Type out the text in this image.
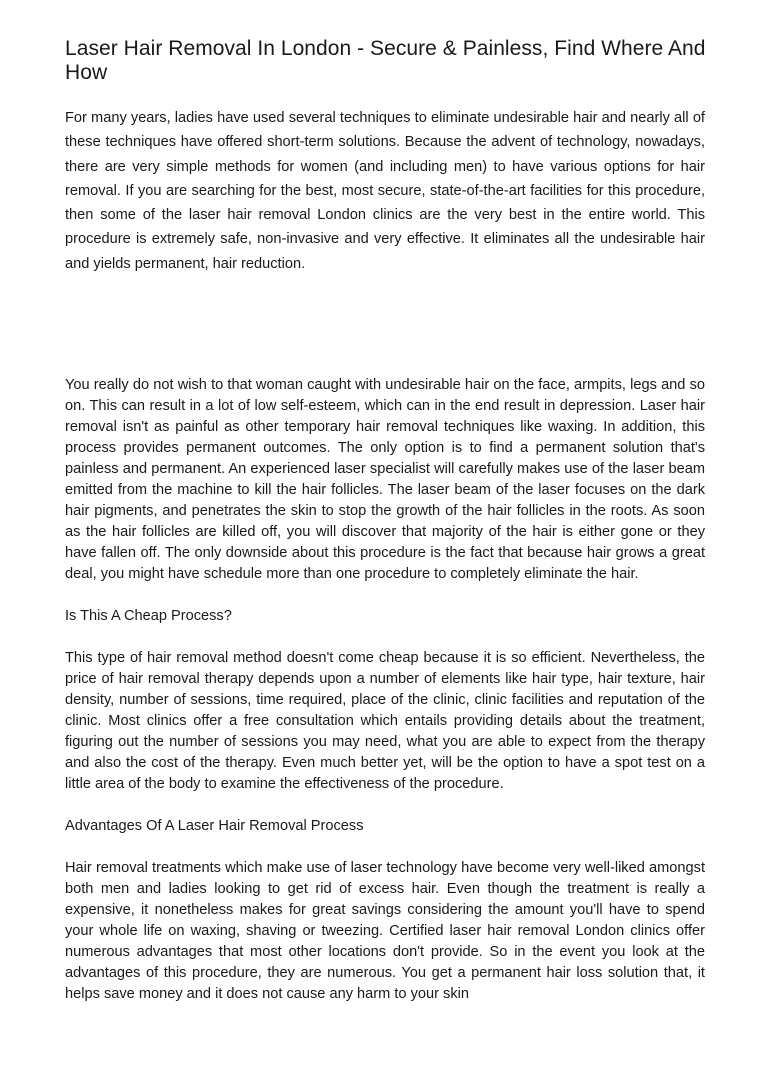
Laser Hair Removal In London - Secure & Painless, Find Where And How

For many years, ladies have used several techniques to eliminate undesirable hair and nearly all of these techniques have offered short-term solutions. Because the advent of technology, nowadays, there are very simple methods for women (and including men) to have various options for hair removal. If you are searching for the best, most secure, state-of-the-art facilities for this procedure, then some of the laser hair removal London clinics are the very best in the entire world. This procedure is extremely safe, non-invasive and very effective. It eliminates all the undesirable hair and yields permanent, hair reduction.

You really do not wish to that woman caught with undesirable hair on the face, armpits, legs and so on. This can result in a lot of low self-esteem, which can in the end result in depression. Laser hair removal isn't as painful as other temporary hair removal techniques like waxing. In addition, this process provides permanent outcomes. The only option is to find a permanent solution that's painless and permanent. An experienced laser specialist will carefully makes use of the laser beam emitted from the machine to kill the hair follicles. The laser beam of the laser focuses on the dark hair pigments, and penetrates the skin to stop the growth of the hair follicles in the roots. As soon as the hair follicles are killed off, you will discover that majority of the hair is either gone or they have fallen off. The only downside about this procedure is the fact that because hair grows a great deal, you might have schedule more than one procedure to completely eliminate the hair.

Is This A Cheap Process?

This type of hair removal method doesn't come cheap because it is so efficient. Nevertheless, the price of hair removal therapy depends upon a number of elements like hair type, hair texture, hair density, number of sessions, time required, place of the clinic, clinic facilities and reputation of the clinic. Most clinics offer a free consultation which entails providing details about the treatment, figuring out the number of sessions you may need, what you are able to expect from the therapy and also the cost of the therapy. Even much better yet, will be the option to have a spot test on a little area of the body to examine the effectiveness of the procedure.

Advantages Of A Laser Hair Removal Process

Hair removal treatments which make use of laser technology have become very well-liked amongst both men and ladies looking to get rid of excess hair. Even though the treatment is really a expensive, it nonetheless makes for great savings considering the amount you'll have to spend your whole life on waxing, shaving or tweezing. Certified laser hair removal London clinics offer numerous advantages that most other locations don't provide. So in the event you look at the advantages of this procedure, they are numerous. You get a permanent hair loss solution that, it helps save money and it does not cause any harm to your skin
